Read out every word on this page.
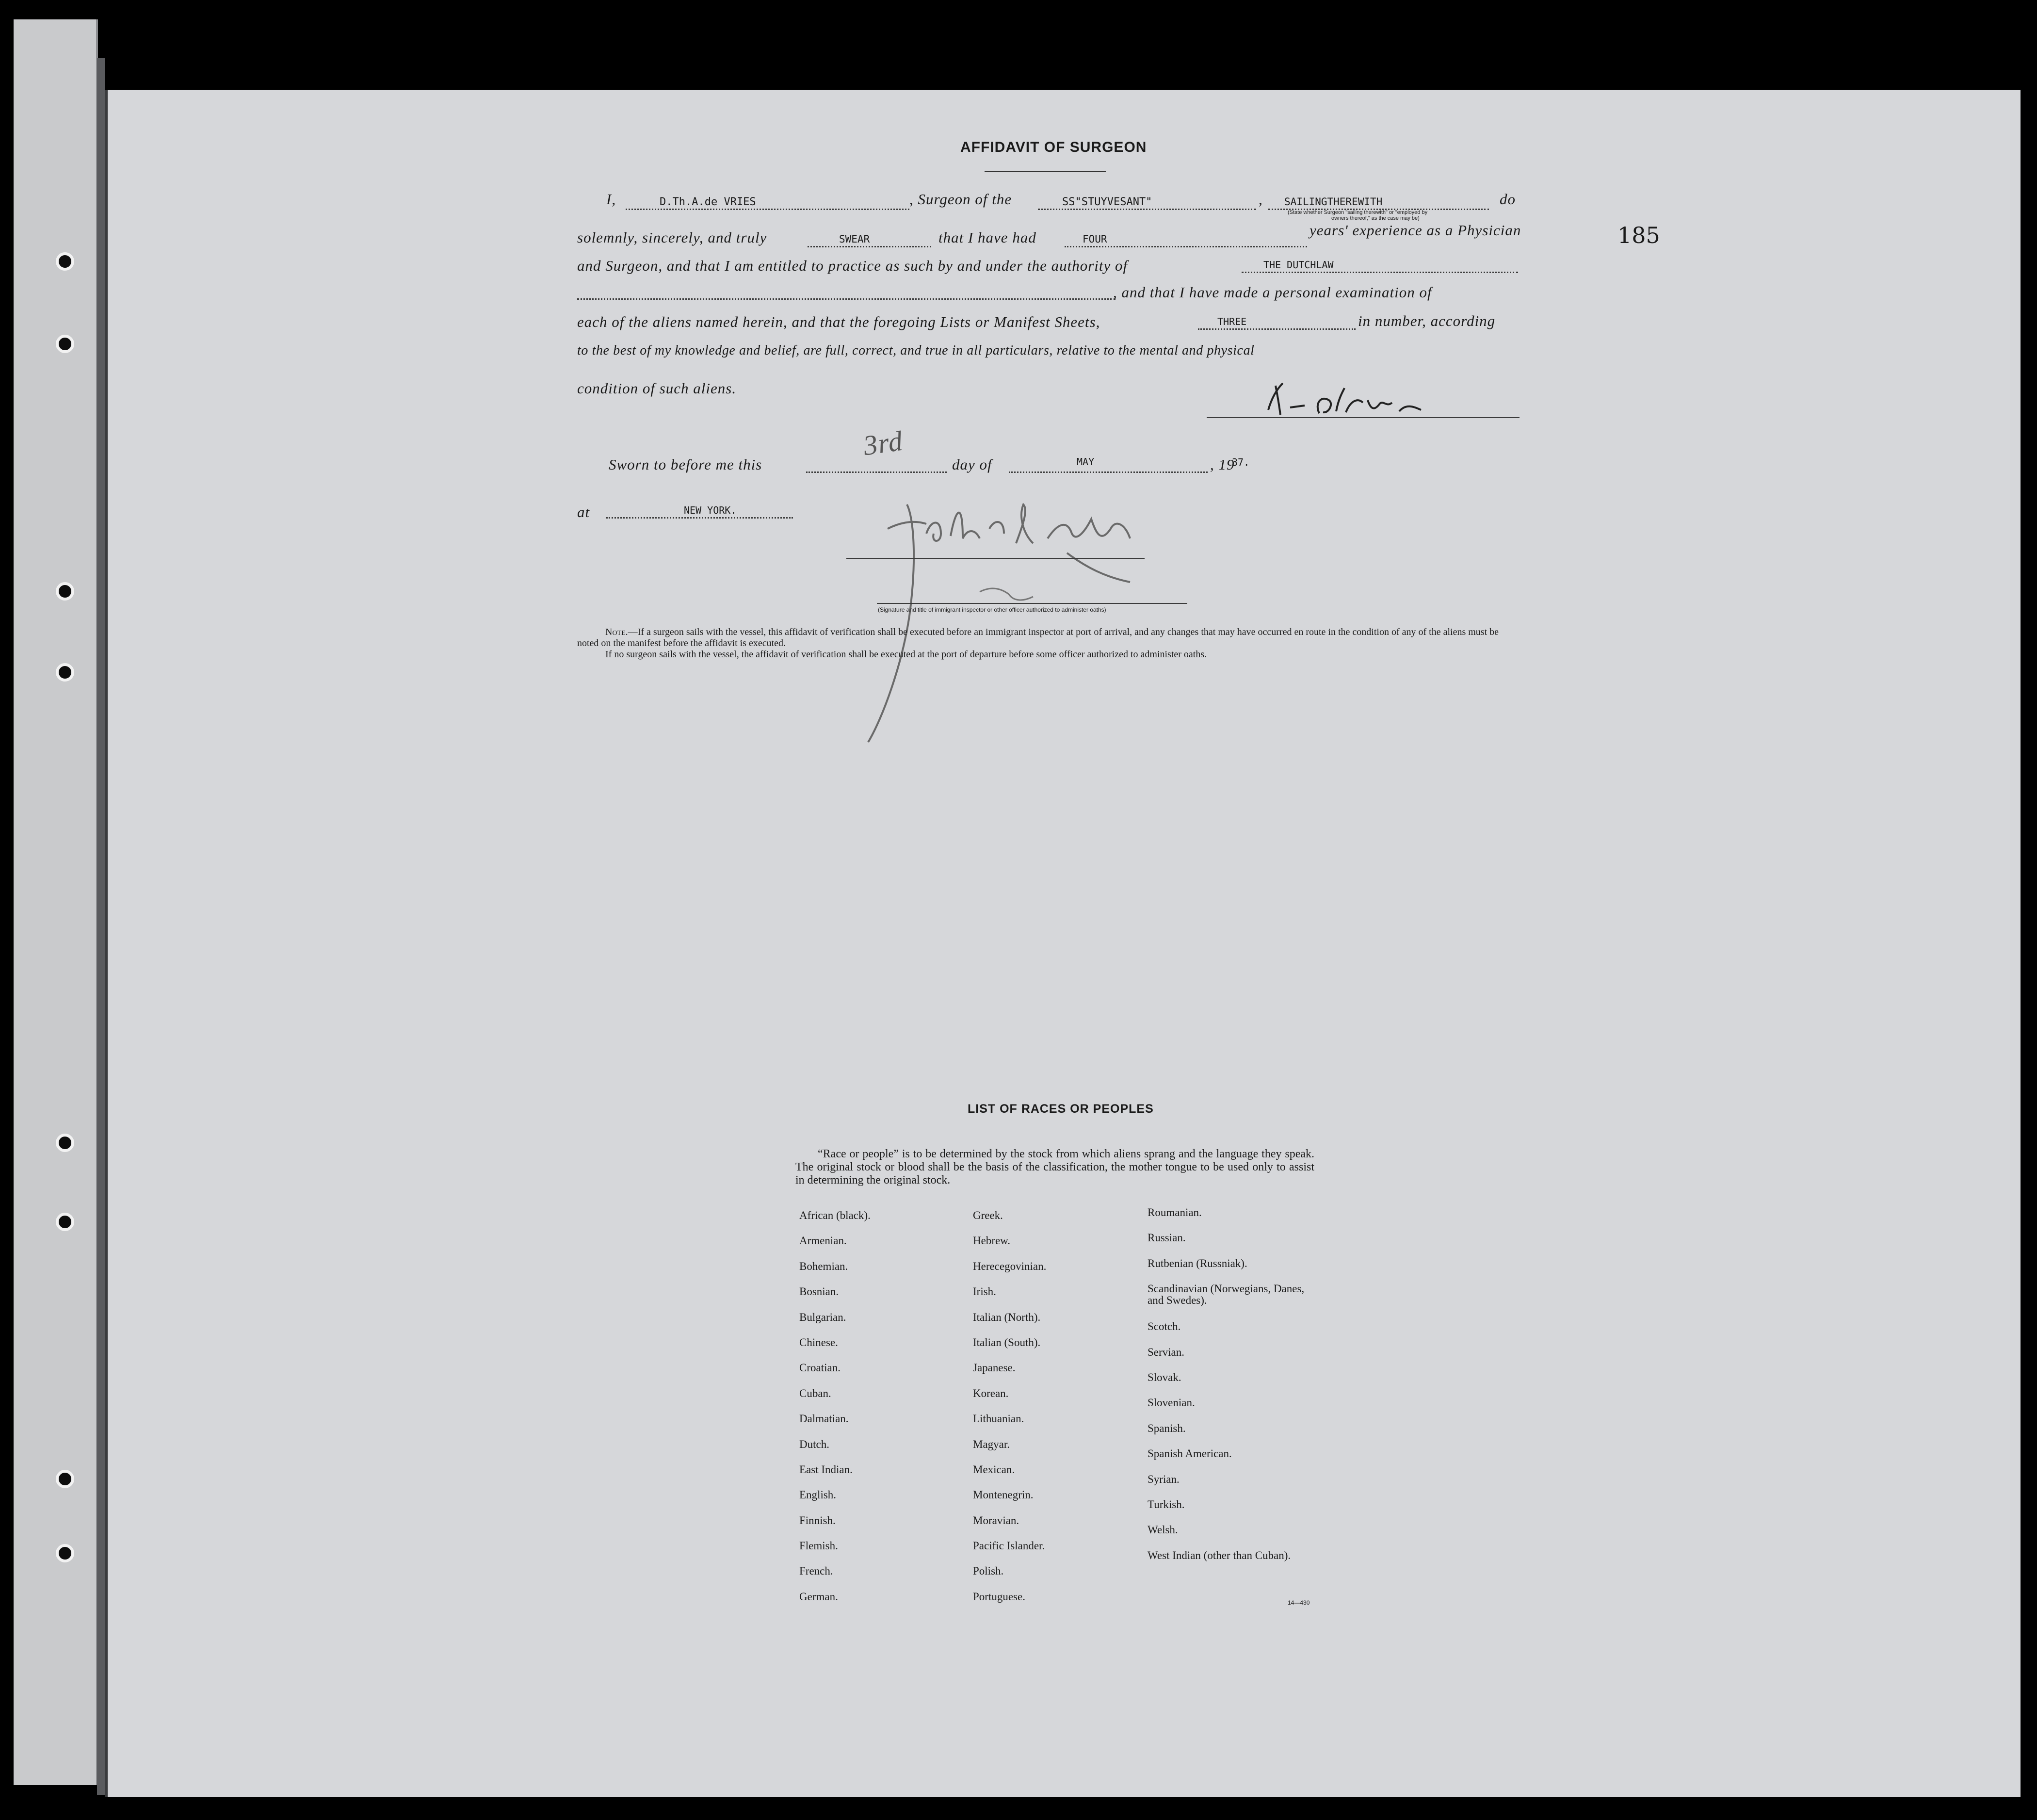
185
AFFIDAVIT OF SURGEON
I,	D.Th.A.de VRIES	, Surgeon of the	SS"STUYVESANT"	, SAILINGTHEREWITH
(State whether Surgeon "sailing therewith" or "employed by
owners thereof," as the case may be)
do
solemnly, sincerely, and truly	SWEAR	that I have had	FOUR
years' experience as a Physician
and Surgeon, and that I am entitled to practice as such by and under the authority of	THE DUTCHLAW
, and that I have made a personal examination of
each of the aliens named herein, and that the foregoing Lists or Manifest Sheets,	THREE	in number, according
to the best of my knowledge and belief, are full, correct, and true in all particulars, relative to the mental and physical
condition of such aliens.
Sworn to before me this
3rd
day of	MAY	, 19
37.
at	NEW YORK.
(Signature and title of immigrant inspector or other officer authorized to administer oaths)
Note.—If a surgeon sails with the vessel, this affidavit of verification shall be executed before an immigrant inspector at port of arrival, and any changes that may have occurred en route in the condition of any of the aliens must be noted on the manifest before the affidavit is executed.
If no surgeon sails with the vessel, the affidavit of verification shall be executed at the port of departure before some officer authorized to administer oaths.
LIST OF RACES OR PEOPLES
“Race or people” is to be determined by the stock from which aliens sprang and the language they speak. The original stock or blood shall be the basis of the classification, the mother tongue to be used only to assist in determining the original stock.
African (black).
Armenian.
Bohemian.
Bosnian.
Bulgarian.
Chinese.
Croatian.
Cuban.
Dalmatian.
Dutch.
East Indian.
English.
Finnish.
Flemish.
French.
German.
Greek.
Hebrew.
Herecegovinian.
Irish.
Italian (North).
Italian (South).
Japanese.
Korean.
Lithuanian.
Magyar.
Mexican.
Montenegrin.
Moravian.
Pacific Islander.
Polish.
Portuguese.
Roumanian.
Russian.
Rutbenian (Russniak).
Scandinavian (Norwegians, Danes, and Swedes).
Scotch.
Servian.
Slovak.
Slovenian.
Spanish.
Spanish American.
Syrian.
Turkish.
Welsh.
West Indian (other than Cuban).
14—430
